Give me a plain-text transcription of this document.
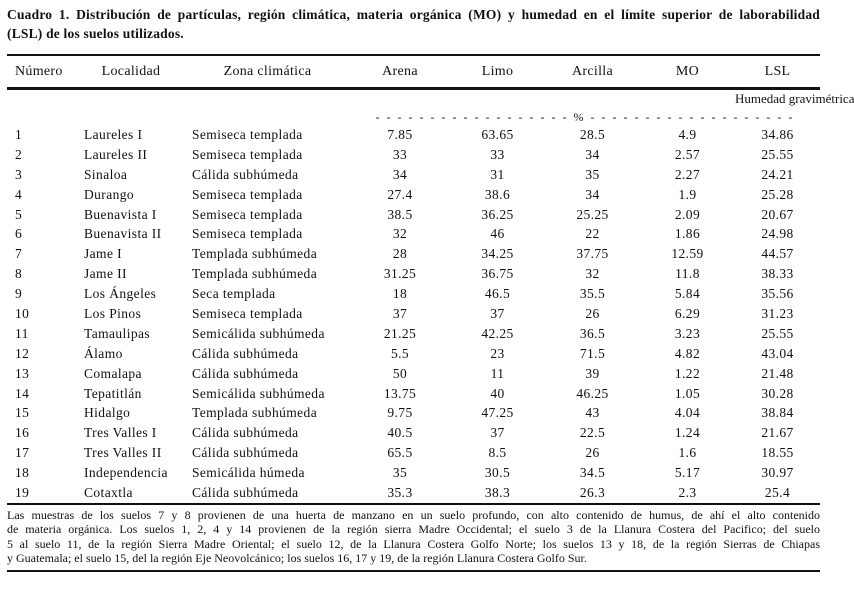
Cuadro 1. Distribución de partículas, región climática, materia orgánica (MO) y humedad en el límite superior de laborabilidad
(LSL) de los suelos utilizados.
Número	Localidad	Zona climática	Arena	Limo	Arcilla	MO	LSL
							Humedad gravimétrica
			- - - - - - - - - - - - - - - - - - % - - - - - - - - - - - - - - - - - - -				
1	Laureles I	Semiseca templada	7.85	63.65	28.5	4.9	34.86
2	Laureles II	Semiseca templada	33	33	34	2.57	25.55
3	Sinaloa	Cálida subhúmeda	34	31	35	2.27	24.21
4	Durango	Semiseca templada	27.4	38.6	34	1.9	25.28
5	Buenavista I	Semiseca templada	38.5	36.25	25.25	2.09	20.67
6	Buenavista II	Semiseca templada	32	46	22	1.86	24.98
7	Jame I	Templada subhúmeda	28	34.25	37.75	12.59	44.57
8	Jame II	Templada subhúmeda	31.25	36.75	32	11.8	38.33
9	Los Ángeles	Seca templada	18	46.5	35.5	5.84	35.56
10	Los Pinos	Semiseca templada	37	37	26	6.29	31.23
11	Tamaulipas	Semicálida subhúmeda	21.25	42.25	36.5	3.23	25.55
12	Álamo	Cálida subhúmeda	5.5	23	71.5	4.82	43.04
13	Comalapa	Cálida subhúmeda	50	11	39	1.22	21.48
14	Tepatitlán	Semicálida subhúmeda	13.75	40	46.25	1.05	30.28
15	Hidalgo	Templada subhúmeda	9.75	47.25	43	4.04	38.84
16	Tres Valles I	Cálida subhúmeda	40.5	37	22.5	1.24	21.67
17	Tres Valles II	Cálida subhúmeda	65.5	8.5	26	1.6	18.55
18	Independencia	Semicálida húmeda	35	30.5	34.5	5.17	30.97
19	Cotaxtla	Cálida subhúmeda	35.3	38.3	26.3	2.3	25.4
Las muestras de los suelos 7 y 8 provienen de una huerta de manzano en un suelo profundo, con alto contenido de humus, de ahí el alto contenido
de materia orgánica. Los suelos 1, 2, 4 y 14 provienen de la región sierra Madre Occidental; el suelo 3 de la Llanura Costera del Pacifico; del suelo
5 al suelo 11, de la región Sierra Madre Oriental; el suelo 12, de la Llanura Costera Golfo Norte; los suelos 13 y 18, de la región Sierras de Chiapas
y Guatemala; el suelo 15, del la región Eje Neovolcánico; los suelos 16, 17 y 19, de la región Llanura Costera Golfo Sur.
